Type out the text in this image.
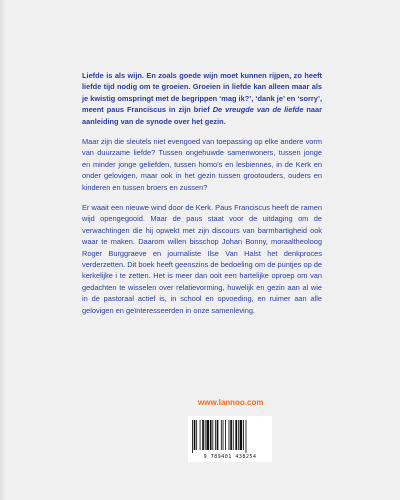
Liefde is als wijn. En zoals goede wijn moet kunnen rijpen, zo heeft liefde tijd nodig om te groeien. Groeien in liefde kan alleen maar als je kwistig omspringt met de begrippen ‘mag ik?’, ‘dank je’ en ‘sorry’, meent paus Franciscus in zijn brief De vreugde van de liefde naar aanleiding van de synode over het gezin.
Maar zijn die sleutels niet evengoed van toepassing op elke andere vorm van duurzame liefde? Tussen ongehuwde samenwoners, tussen jonge en minder jonge geliefden, tussen homo’s en lesbiennes, in de Kerk en onder gelovigen, maar ook in het gezin tussen grootouders, ouders en kinderen en tussen broers en zussen?
Er waait een nieuwe wind door de Kerk. Paus Franciscus heeft de ramen wijd opengegooid. Maar de paus staat voor de uitdaging om de verwachtingen die hij opwekt met zijn discours van barmhartigheid ook waar te maken. Daarom willen bisschop Johan Bonny, moraaltheoloog Roger Burggraeve en journaliste Ilse Van Halst het denkproces verderzetten. Dit boek heeft geenszins de bedoeling om de puntjes op de kerkelijke i te zetten. Het is meer dan ooit een hartelijke oproep om van gedachten te wisselen over relatievorming, huwelijk en gezin aan al wie in de pastoraal actief is, in school en opvoeding, en ruimer aan alle gelovigen en geïnteresseerden in onze samenleving.
www.lannoo.com
9 789401 438254
